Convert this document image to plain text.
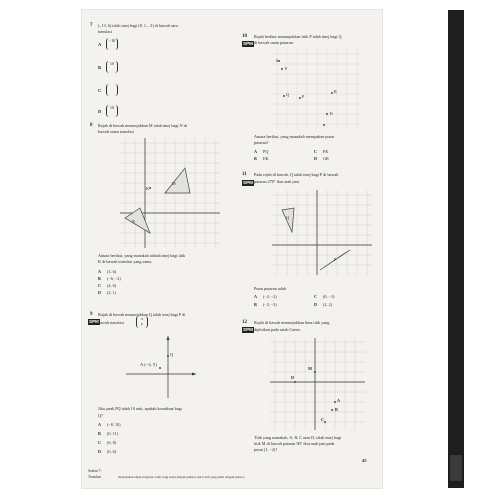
7 (–13, 6) ialah imej bagi (8, 1, –3) di bawah satu
translasi
A
−10
B
10
C
D
10
8 Rajah di bawah menunjukkan M ialah imej bagi N di
bawah suatu translasi
K
M
N
Antara berikut, yang manakah adalah imej bagi titik
K di bawah translasi yang sama.
A (3, 6)
B (−6, −2)
C (4, 6)
D (2, 1)
SPM
9 Rajah di bawah menunjukkan Q ialah imej bagi P di
bawah translasi
x
y
A (−4, 5)
Q
Jika jarak PQ ialah 10 unit, apakah koordinat bagi
Q?
A (−8, 10)
B (0, 11)
C (6, 8)
D (0, 6)
SPM
10 Rajah berikut menunjukkan titik P ialah imej bagi Q
di bawah suatu putaran.
S
F
Q	P
R
K
Antara berikut, yang manakah merupakan pusat
putaran?
A PQ
B EK
C FK
D GK
SPM
11 Pada rajah di bawah, Q ialah imej bagi P di bawah
putaran 270° ikut arah jam.
Q
P
Pusat putaran ialah
A (−2, −2)
B (−3, −3)
C (0, −1)
D (2, 2)
SPM
12 Rajah di bawah menunjukkan lima titik yang
diplotkan pada satah Cartes.
D
M
A
B
C
Titik yang manakah, A, B, C atau D, ialah imej bagi
titik M di bawah putaran 90° ikut arah jam pada
pusat (1, −2)?
Soalan 7:
Translasi	menyatakan objek bergerak a unit yang selari dengan paksi-x dan b unit yang selari dengan paksi-y
45
